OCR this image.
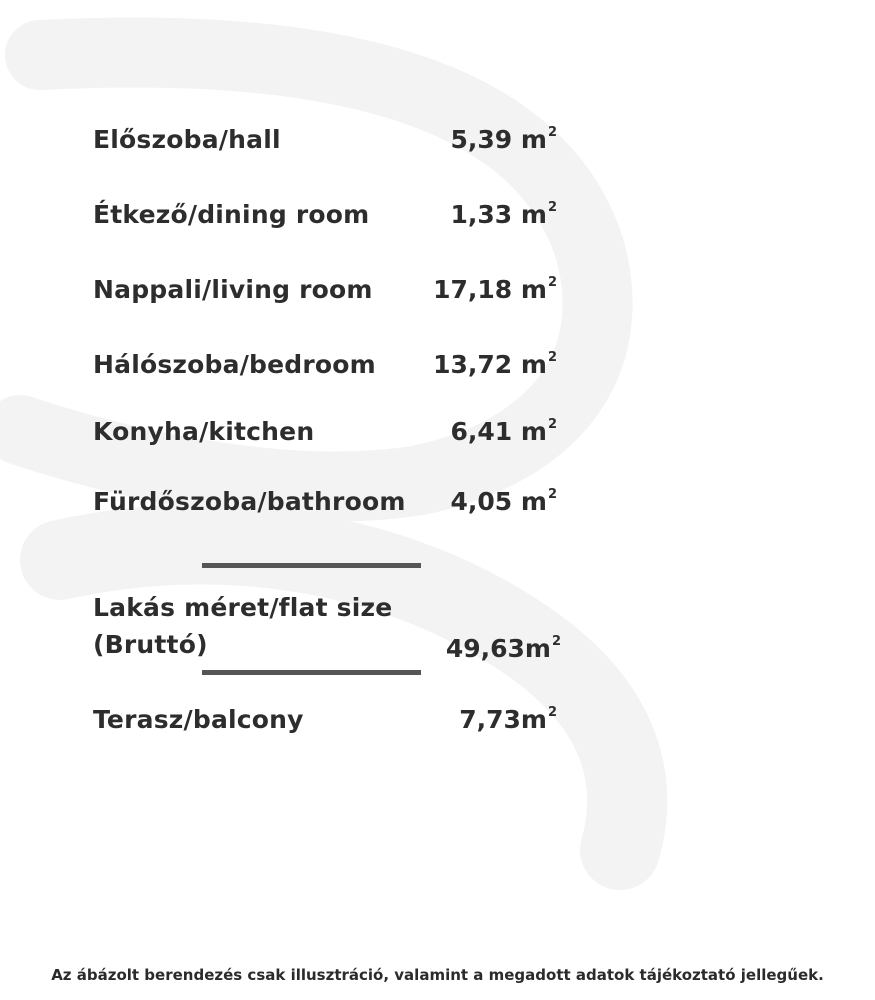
Előszoba/hall	5,39 $m^2$
Étkező/dining room	1,33 $m^2$
Nappali/living room 17,18 $m^2$
Hálószoba/bedroom 13,72 $m^2$
Konyha/kitchen	6,41 $m^2$
Fürdőszoba/bathroom 4,05 $m^2$
Lakás méret/flat size
(Bruttó)	$49,63m^2$
Terasz/balcony	$7,73m^2$
Az ábázolt berendezés csak illusztráció, valamint a megadott adatok tájékoztató jellegűek.
